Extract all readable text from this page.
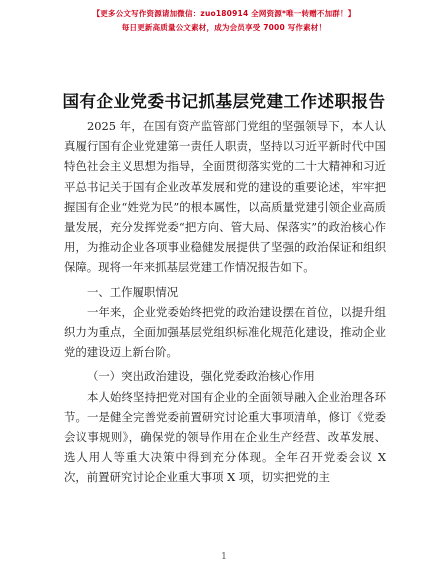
【更多公文写作资源请加微信：zuo180914 全网资源*唯一转赠不加群！】
每日更新高质量公文素材，成为会员享受 7000 写作素材！
国有企业党委书记抓基层党建工作述职报告

2025 年，在国有资产监管部门党组的坚强领导下，本人认真履行国有企业党建第一责任人职责，坚持以习近平新时代中国特色社会主义思想为指导，全面贯彻落实党的二十大精神和习近平总书记关于国有企业改革发展和党的建设的重要论述，牢牢把握国有企业“姓党为民”的根本属性，以高质量党建引领企业高质量发展，充分发挥党委“把方向、管大局、保落实”的政治核心作用，为推动企业各项事业稳健发展提供了坚强的政治保证和组织保障。现将一年来抓基层党建工作情况报告如下。

一、工作履职情况

一年来，企业党委始终把党的政治建设摆在首位，以提升组织力为重点，全面加强基层党组织标准化规范化建设，推动企业党的建设迈上新台阶。

（一）突出政治建设，强化党委政治核心作用

本人始终坚持把党对国有企业的全面领导融入企业治理各环节。一是健全完善党委前置研究讨论重大事项清单，修订《党委会议事规则》，确保党的领导作用在企业生产经营、改革发展、选人用人等重大决策中得到充分体现。全年召开党委会议 X 次，前置研究讨论企业重大事项 X 项，切实把党的主

1
